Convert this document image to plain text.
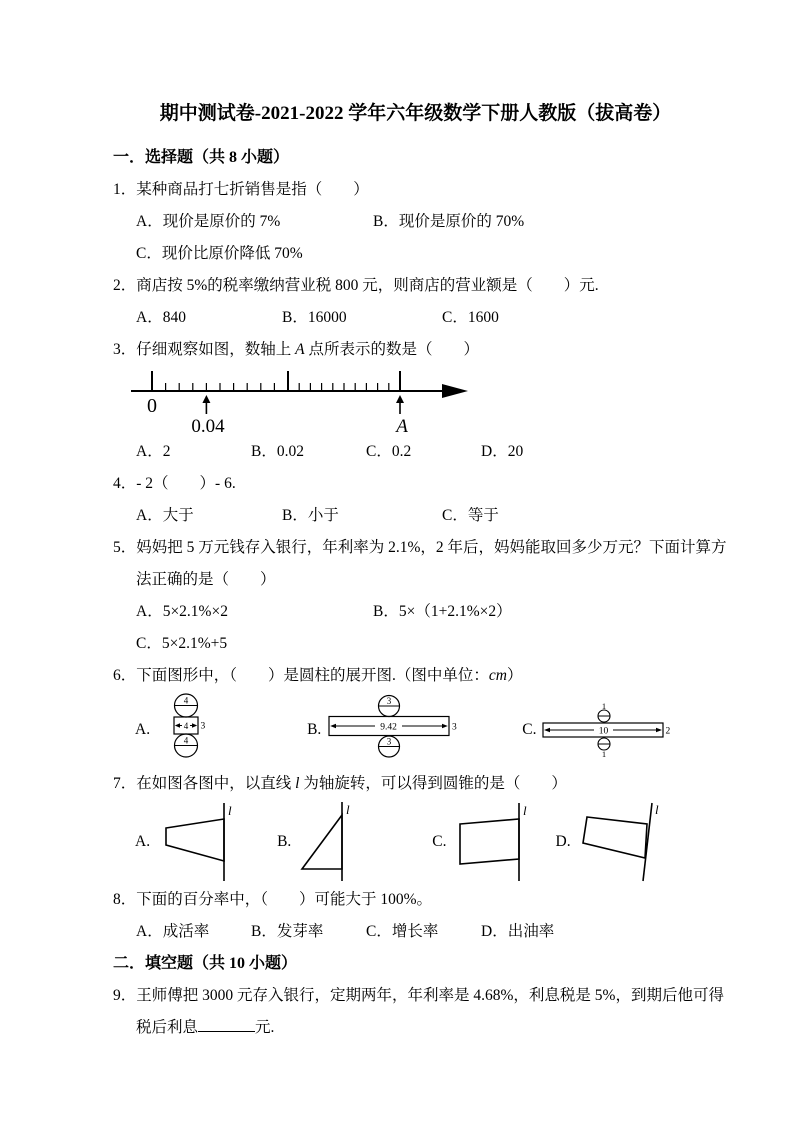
期中测试卷-2021-2022 学年六年级数学下册人教版（拔高卷）
一．选择题（共 8 小题）
1．某种商品打七折销售是指（　　）
A．现价是原价的 7%	B．现价是原价的 70%
C．现价比原价降低 70%
2．商店按 5%的税率缴纳营业税 800 元，则商店的营业额是（　　）元.
A．840	B．16000	C．1600
3．仔细观察如图，数轴上 A 点所表示的数是（　　）
0
0.04	A
A．2	B．0.02	C．0.2	D．20
4．- 2（　　）- 6.
A．大于	B．小于	C．等于
5．妈妈把 5 万元钱存入银行，年利率为 2.1%，2 年后，妈妈能取回多少万元？下面计算方
法正确的是（　　）
A．5×2.1%×2	B．5×（1+2.1%×2）
C．5×2.1%+5
6．下面图形中，（　　）是圆柱的展开图.（图中单位：cm）
A.
4
4 3
4
B.
3
9.42	3
3
C.
1
10	2
1
7．在如图各图中，以直线 l 为轴旋转，可以得到圆锥的是（　　）
A.
l
B.
l
C.
l
D.
l
8．下面的百分率中，（　　）可能大于 100%。
A．成活率	B．发芽率	C．增长率	D．出油率
二．填空题（共 10 小题）
9．王师傅把 3000 元存入银行，定期两年，年利率是 4.68%，利息税是 5%，到期后他可得
税后利息	元.
